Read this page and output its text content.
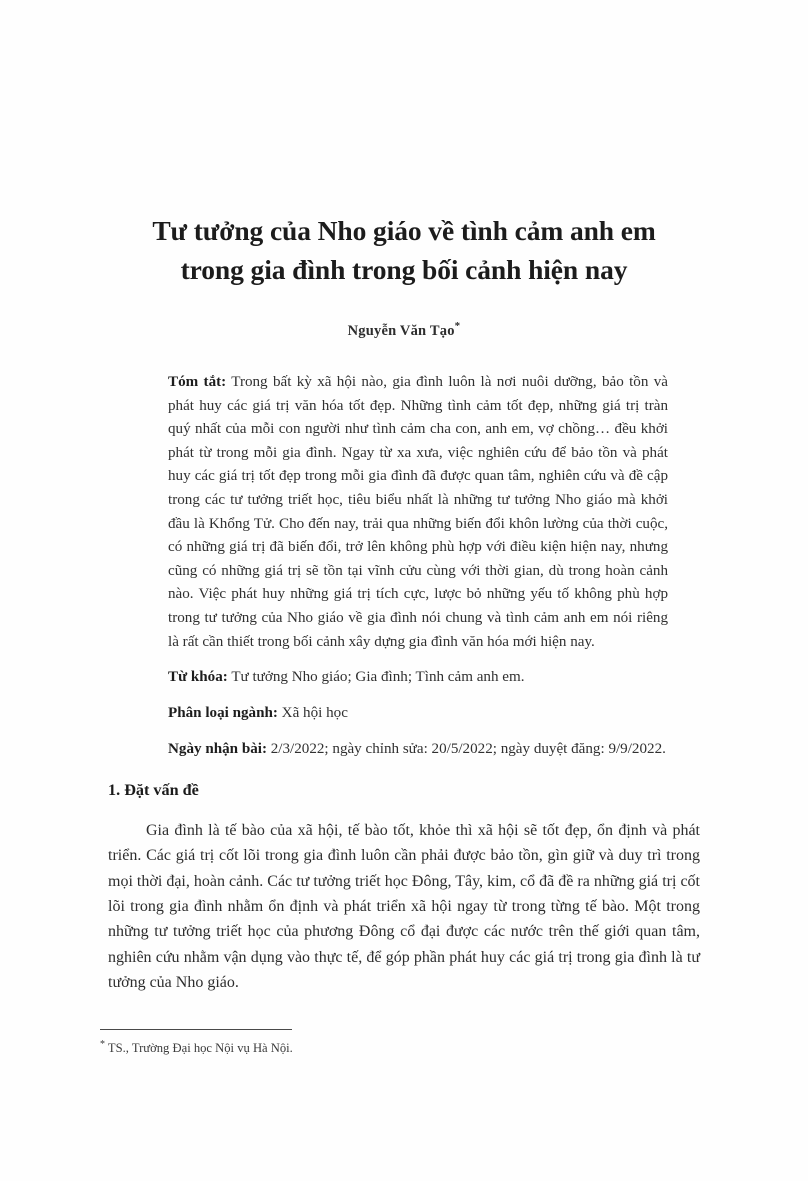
Tư tưởng của Nho giáo về tình cảm anh em
trong gia đình trong bối cảnh hiện nay
Nguyễn Văn Tạo*

Tóm tắt: Trong bất kỳ xã hội nào, gia đình luôn là nơi nuôi dưỡng, bảo tồn và phát huy các giá trị văn hóa tốt đẹp. Những tình cảm tốt đẹp, những giá trị tràn quý nhất của mỗi con người như tình cảm cha con, anh em, vợ chồng… đều khởi phát từ trong mỗi gia đình. Ngay từ xa xưa, việc nghiên cứu để bảo tồn và phát huy các giá trị tốt đẹp trong mỗi gia đình đã được quan tâm, nghiên cứu và đề cập trong các tư tưởng triết học, tiêu biểu nhất là những tư tưởng Nho giáo mà khởi đầu là Khổng Tử. Cho đến nay, trải qua những biến đổi khôn lường của thời cuộc, có những giá trị đã biến đổi, trở lên không phù hợp với điều kiện hiện nay, nhưng cũng có những giá trị sẽ tồn tại vĩnh cửu cùng với thời gian, dù trong hoàn cảnh nào. Việc phát huy những giá trị tích cực, lược bỏ những yếu tố không phù hợp trong tư tưởng của Nho giáo về gia đình nói chung và tình cảm anh em nói riêng là rất cần thiết trong bối cảnh xây dựng gia đình văn hóa mới hiện nay.

Từ khóa: Tư tưởng Nho giáo; Gia đình; Tình cảm anh em.

Phân loại ngành: Xã hội học

Ngày nhận bài: 2/3/2022; ngày chỉnh sửa: 20/5/2022; ngày duyệt đăng: 9/9/2022.

1. Đặt vấn đề

Gia đình là tế bào của xã hội, tế bào tốt, khỏe thì xã hội sẽ tốt đẹp, ổn định và phát triển. Các giá trị cốt lõi trong gia đình luôn cần phải được bảo tồn, gìn giữ và duy trì trong mọi thời đại, hoàn cảnh. Các tư tưởng triết học Đông, Tây, kim, cổ đã đề ra những giá trị cốt lõi trong gia đình nhằm ổn định và phát triển xã hội ngay từ trong từng tế bào. Một trong những tư tưởng triết học của phương Đông cổ đại được các nước trên thế giới quan tâm, nghiên cứu nhằm vận dụng vào thực tế, để góp phần phát huy các giá trị trong gia đình là tư tưởng của Nho giáo.

* TS., Trường Đại học Nội vụ Hà Nội.
